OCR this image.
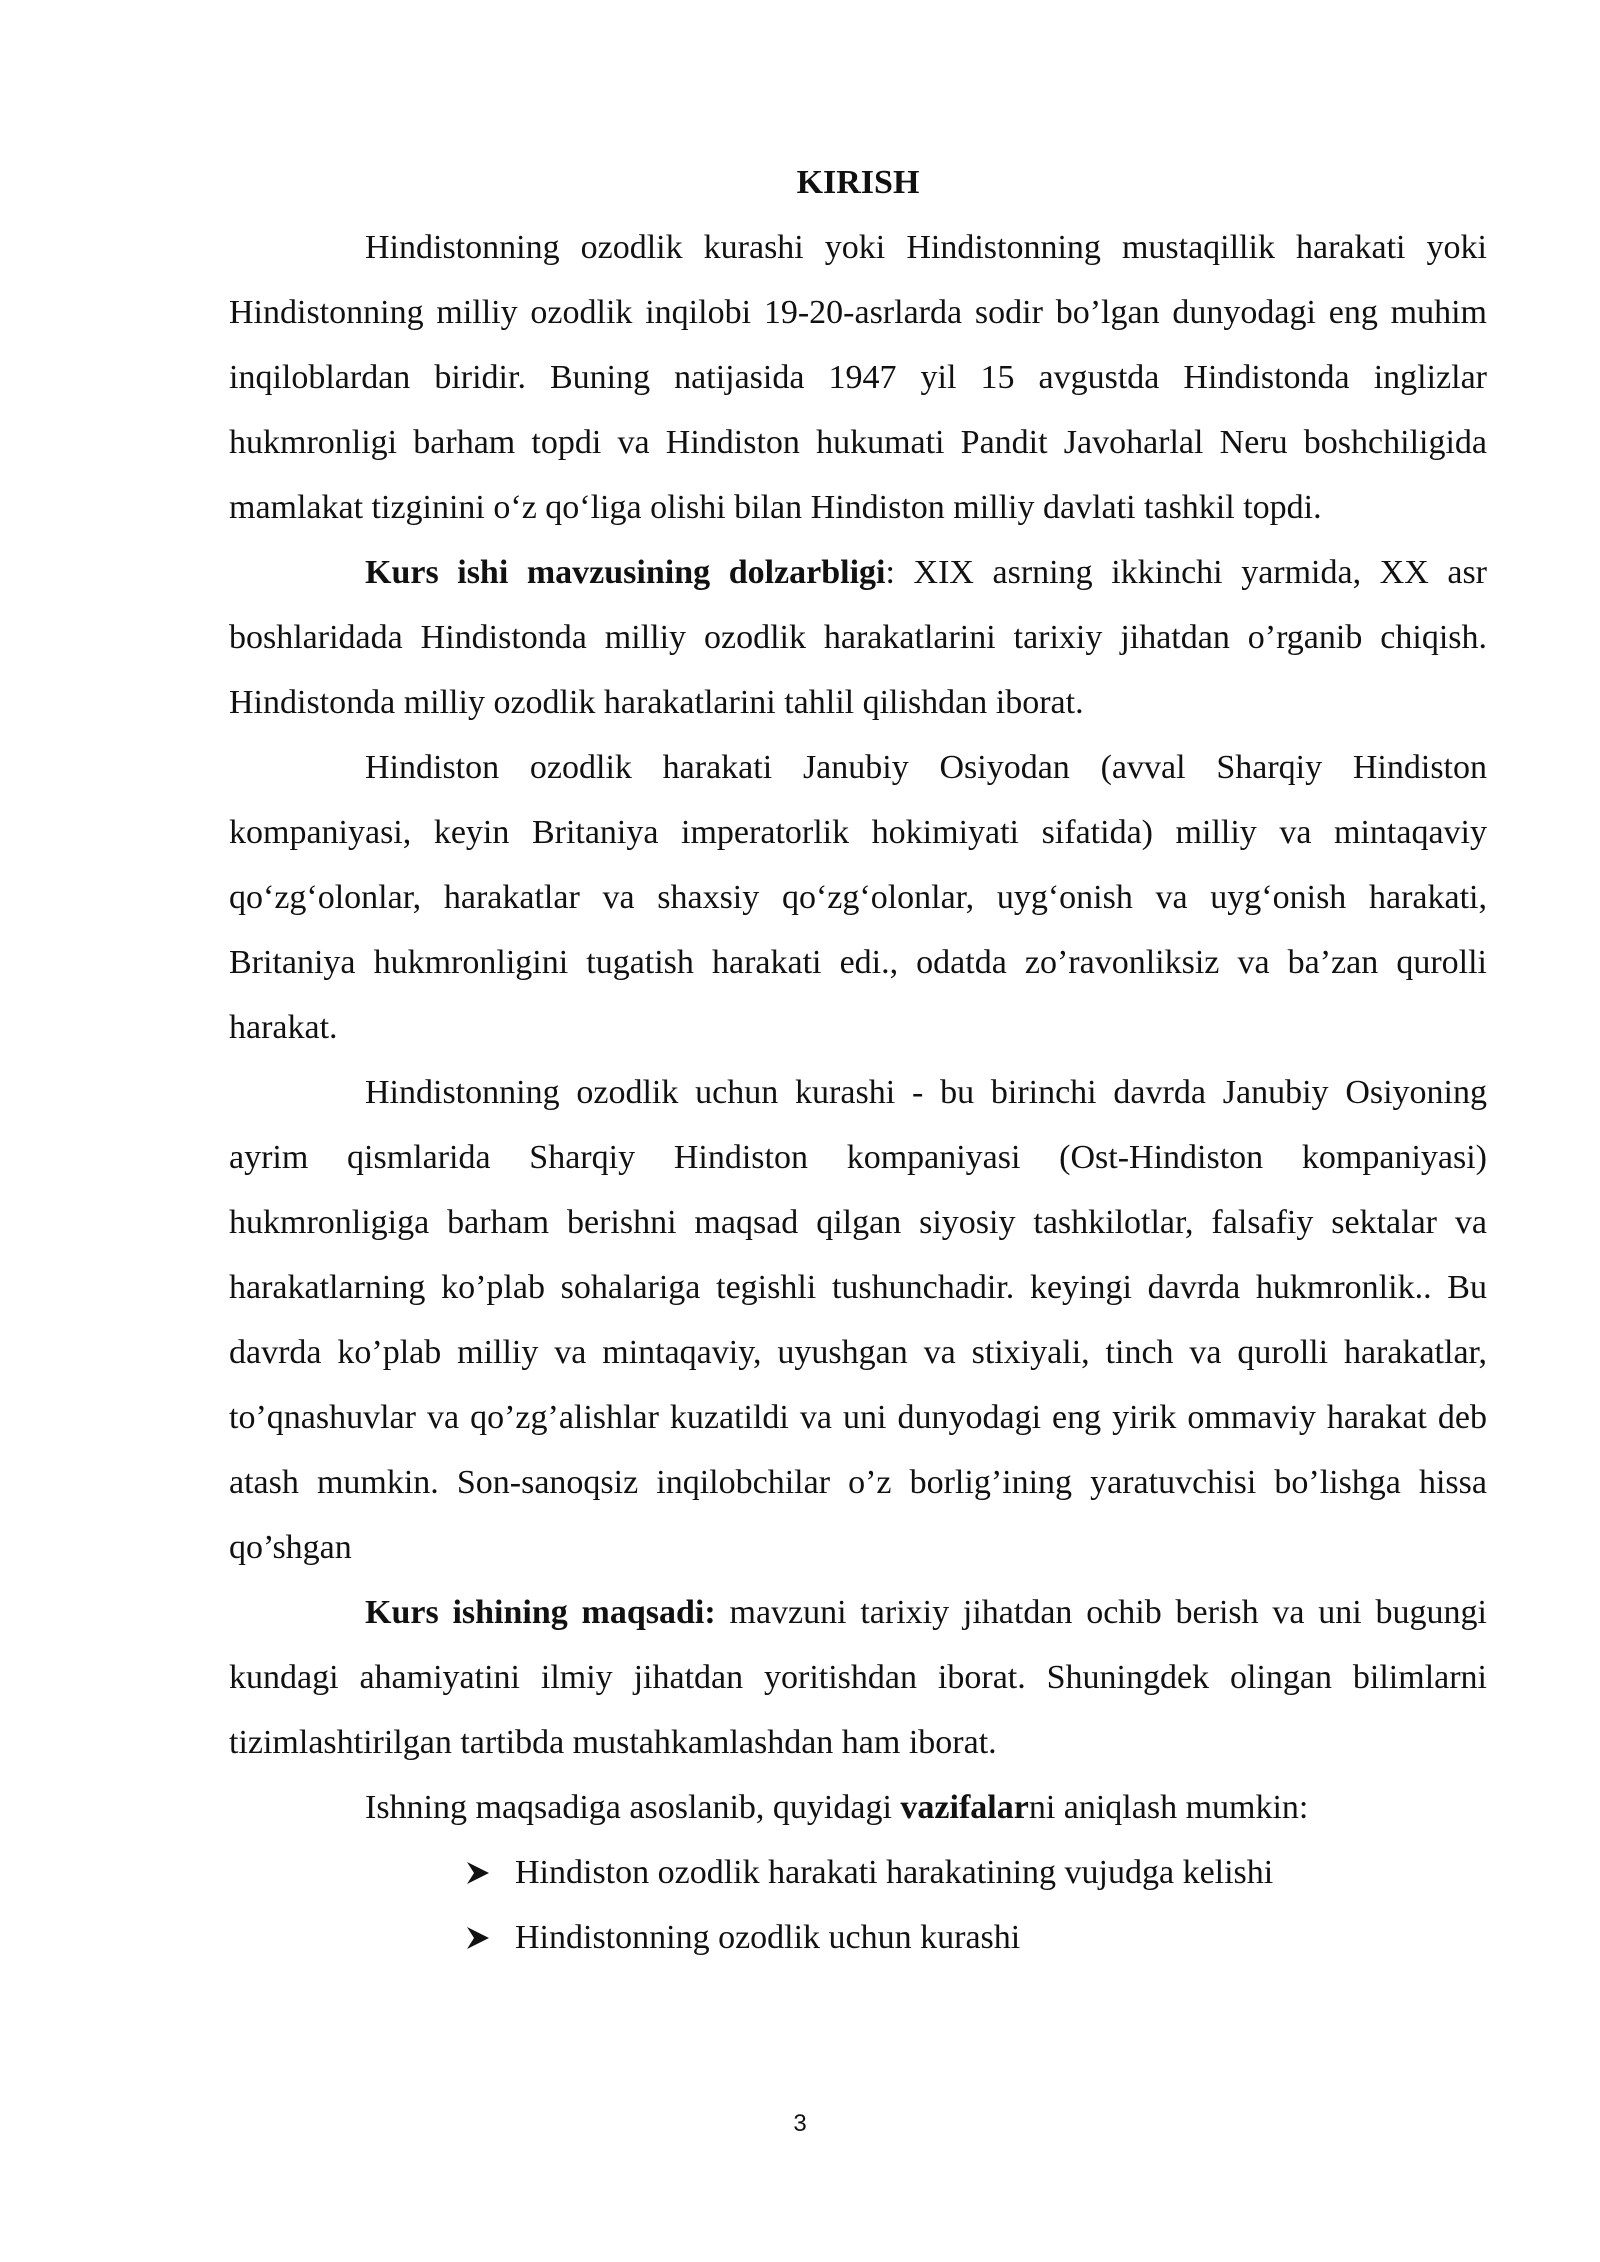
KIRISH

Hindistonning ozodlik kurashi yoki Hindistonning mustaqillik harakati yoki Hindistonning milliy ozodlik inqilobi 19-20-asrlarda sodir bo’lgan dunyodagi eng muhim inqiloblardan biridir. Buning natijasida 1947 yil 15 avgustda Hindistonda inglizlar hukmronligi barham topdi va Hindiston hukumati Pandit Javoharlal Neru boshchiligida mamlakat tizginini o‘z qo‘liga olishi bilan Hindiston milliy davlati tashkil topdi.

Kurs ishi mavzusining dolzarbligi: XIX asrning ikkinchi yarmida, XX asr boshlaridada Hindistonda milliy ozodlik harakatlarini tarixiy jihatdan o’rganib chiqish. Hindistonda milliy ozodlik harakatlarini tahlil qilishdan iborat.

Hindiston ozodlik harakati Janubiy Osiyodan (avval Sharqiy Hindiston kompaniyasi, keyin Britaniya imperatorlik hokimiyati sifatida) milliy va mintaqaviy qo‘zg‘olonlar, harakatlar va shaxsiy qo‘zg‘olonlar, uyg‘onish va uyg‘onish harakati, Britaniya hukmronligini tugatish harakati edi., odatda zo’ravonliksiz va ba’zan qurolli harakat.

Hindistonning ozodlik uchun kurashi - bu birinchi davrda Janubiy Osiyoning ayrim qismlarida Sharqiy Hindiston kompaniyasi (Ost-Hindiston kompaniyasi) hukmronligiga barham berishni maqsad qilgan siyosiy tashkilotlar, falsafiy sektalar va harakatlarning ko’plab sohalariga tegishli tushunchadir. keyingi davrda hukmronlik.. Bu davrda ko’plab milliy va mintaqaviy, uyushgan va stixiyali, tinch va qurolli harakatlar, to’qnashuvlar va qo’zg’alishlar kuzatildi va uni dunyodagi eng yirik ommaviy harakat deb atash mumkin. Son-sanoqsiz inqilobchilar o’z borlig’ining yaratuvchisi bo’lishga hissa qo’shgan

Kurs ishining maqsadi: mavzuni tarixiy jihatdan ochib berish va uni bugungi kundagi ahamiyatini ilmiy jihatdan yoritishdan iborat. Shuningdek olingan bilimlarni tizimlashtirilgan tartibda mustahkamlashdan ham iborat.

Ishning maqsadiga asoslanib, quyidagi vazifalarni aniqlash mumkin:

Hindiston ozodlik harakati harakatining vujudga kelishi
Hindistonning ozodlik uchun kurashi
3
